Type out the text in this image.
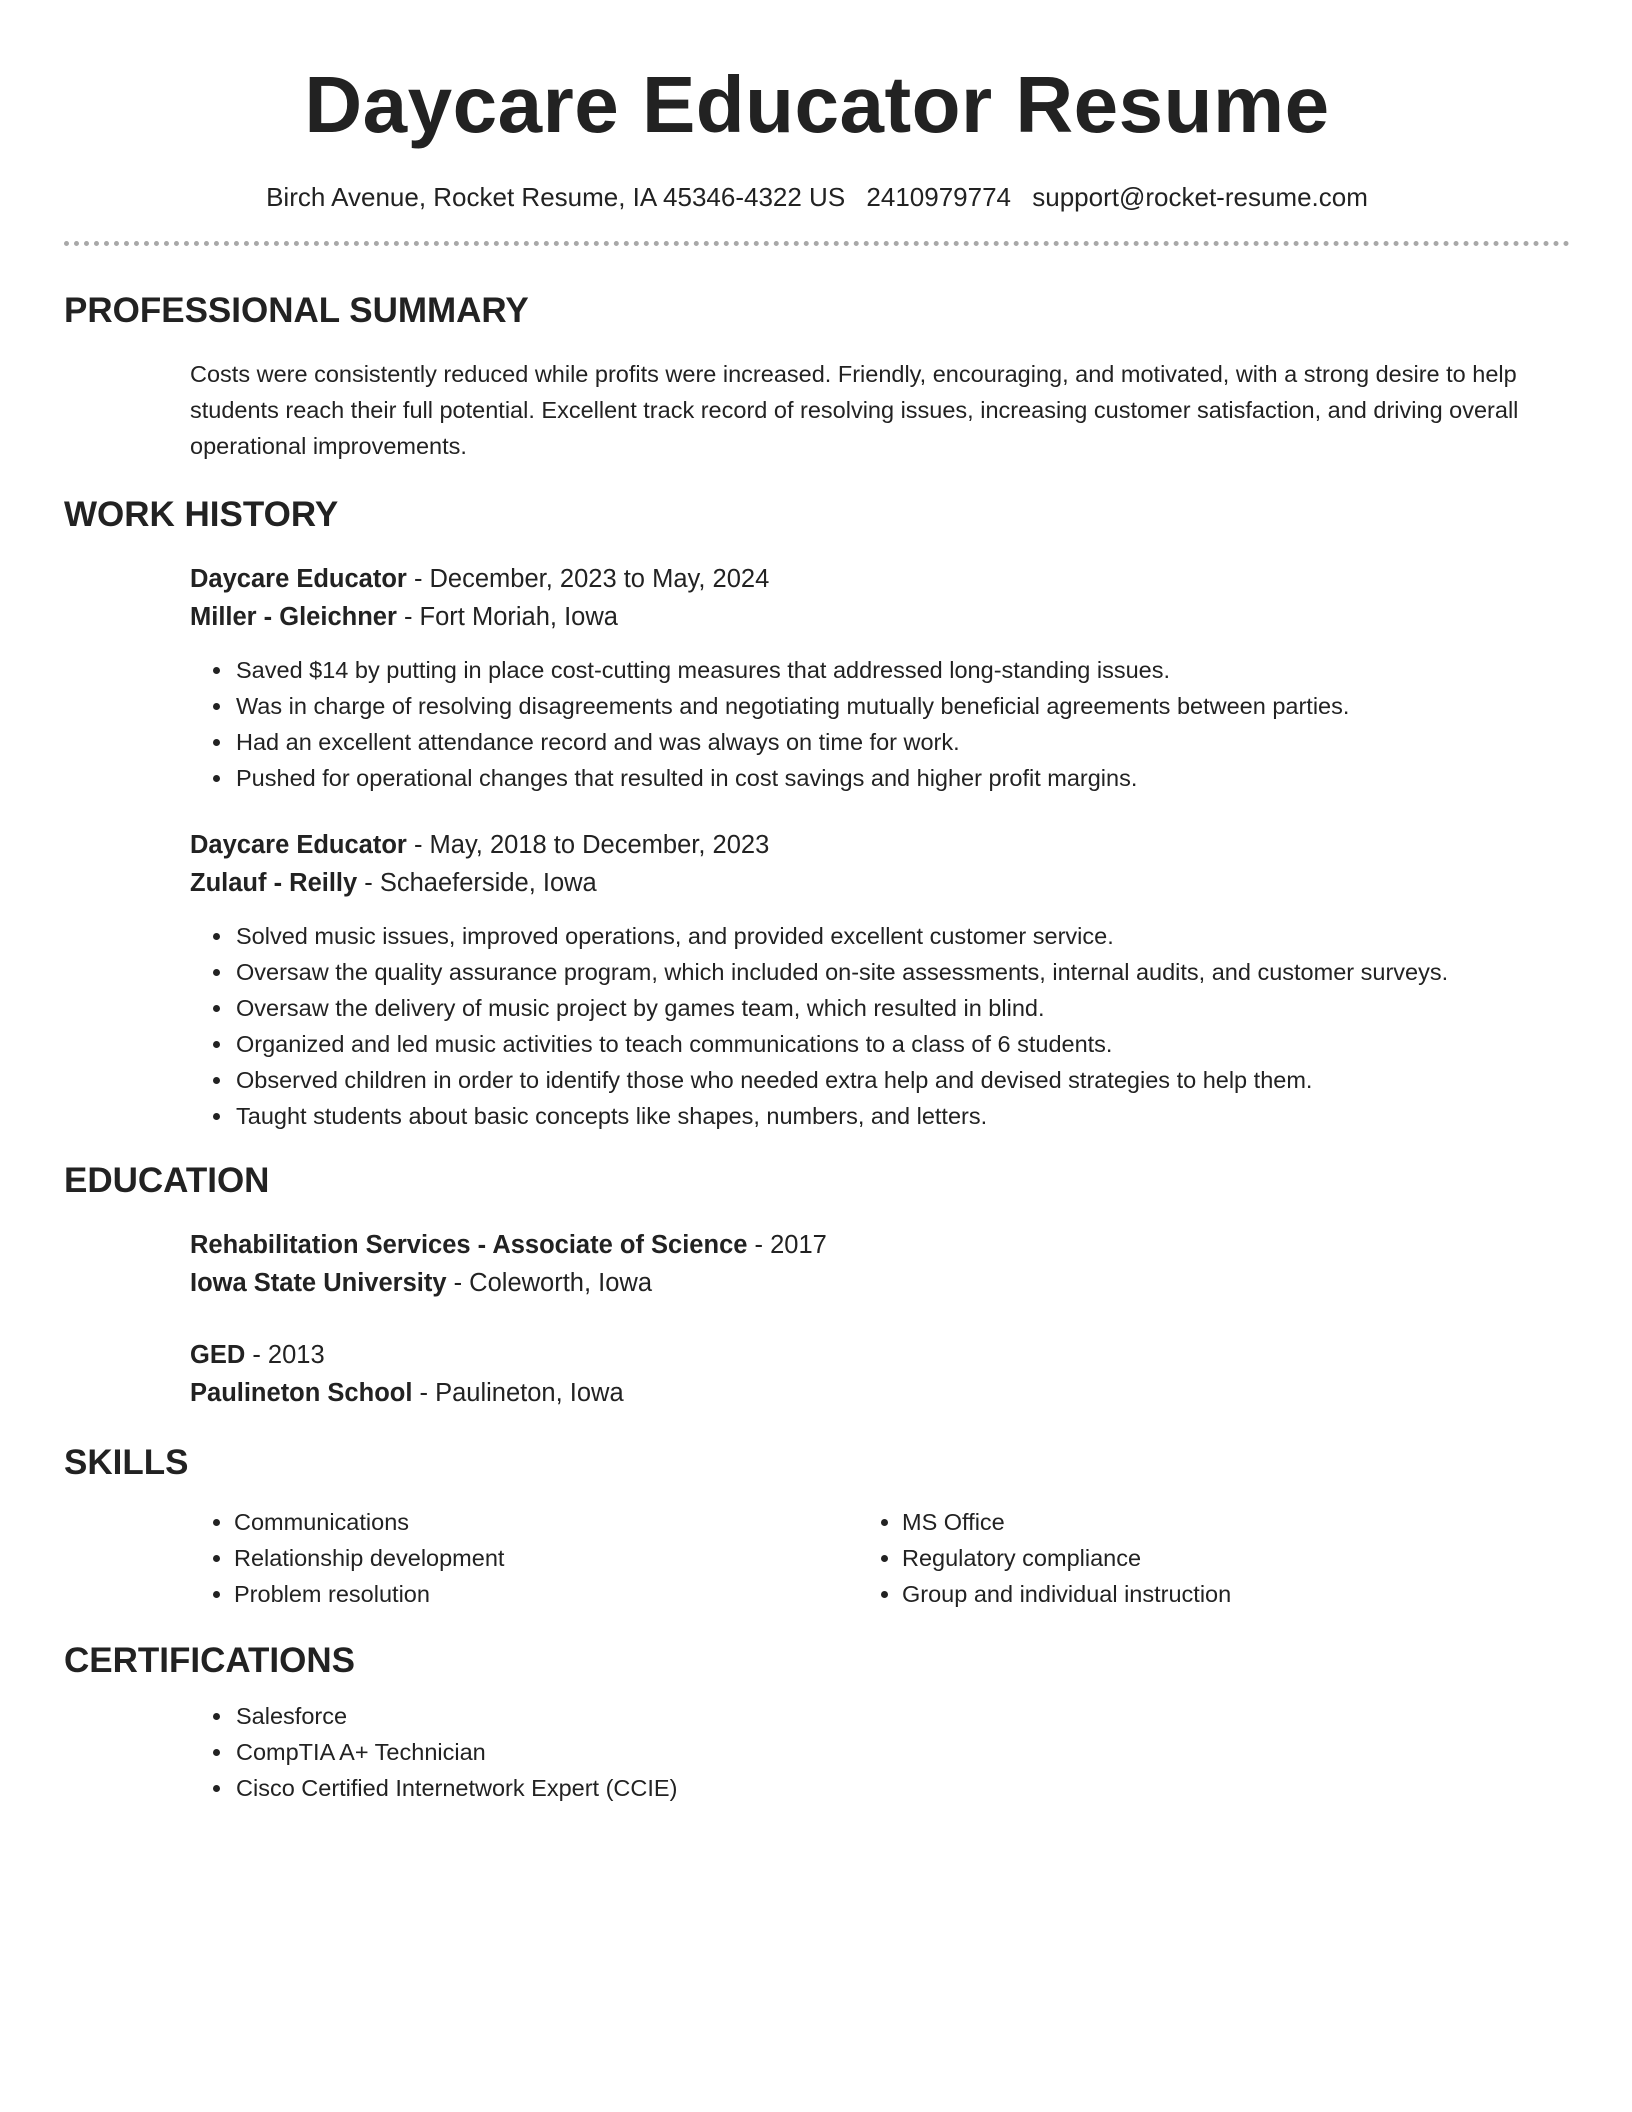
Daycare Educator Resume
Birch Avenue, Rocket Resume, IA 45346-4322 US 2410979774 support@rocket-resume.com
PROFESSIONAL SUMMARY

Costs were consistently reduced while profits were increased. Friendly, encouraging, and motivated, with a strong desire to help students reach their full potential. Excellent track record of resolving issues, increasing customer satisfaction, and driving overall operational improvements.

WORK HISTORY
Daycare Educator - December, 2023 to May, 2024
Miller - Gleichner - Fort Moriah, Iowa
• Saved $14 by putting in place cost-cutting measures that addressed long-standing issues.
• Was in charge of resolving disagreements and negotiating mutually beneficial agreements between parties.
• Had an excellent attendance record and was always on time for work.
• Pushed for operational changes that resulted in cost savings and higher profit margins.
Daycare Educator - May, 2018 to December, 2023
Zulauf - Reilly - Schaeferside, Iowa
• Solved music issues, improved operations, and provided excellent customer service.
• Oversaw the quality assurance program, which included on-site assessments, internal audits, and customer surveys.
• Oversaw the delivery of music project by games team, which resulted in blind.
• Organized and led music activities to teach communications to a class of 6 students.
• Observed children in order to identify those who needed extra help and devised strategies to help them.
• Taught students about basic concepts like shapes, numbers, and letters.
EDUCATION
Rehabilitation Services - Associate of Science - 2017
Iowa State University - Coleworth, Iowa
GED - 2013
Paulineton School - Paulineton, Iowa
SKILLS
• Communications
• Relationship development
• Problem resolution
• MS Office
• Regulatory compliance
• Group and individual instruction
CERTIFICATIONS
• Salesforce
• CompTIA A+ Technician
• Cisco Certified Internetwork Expert (CCIE)
